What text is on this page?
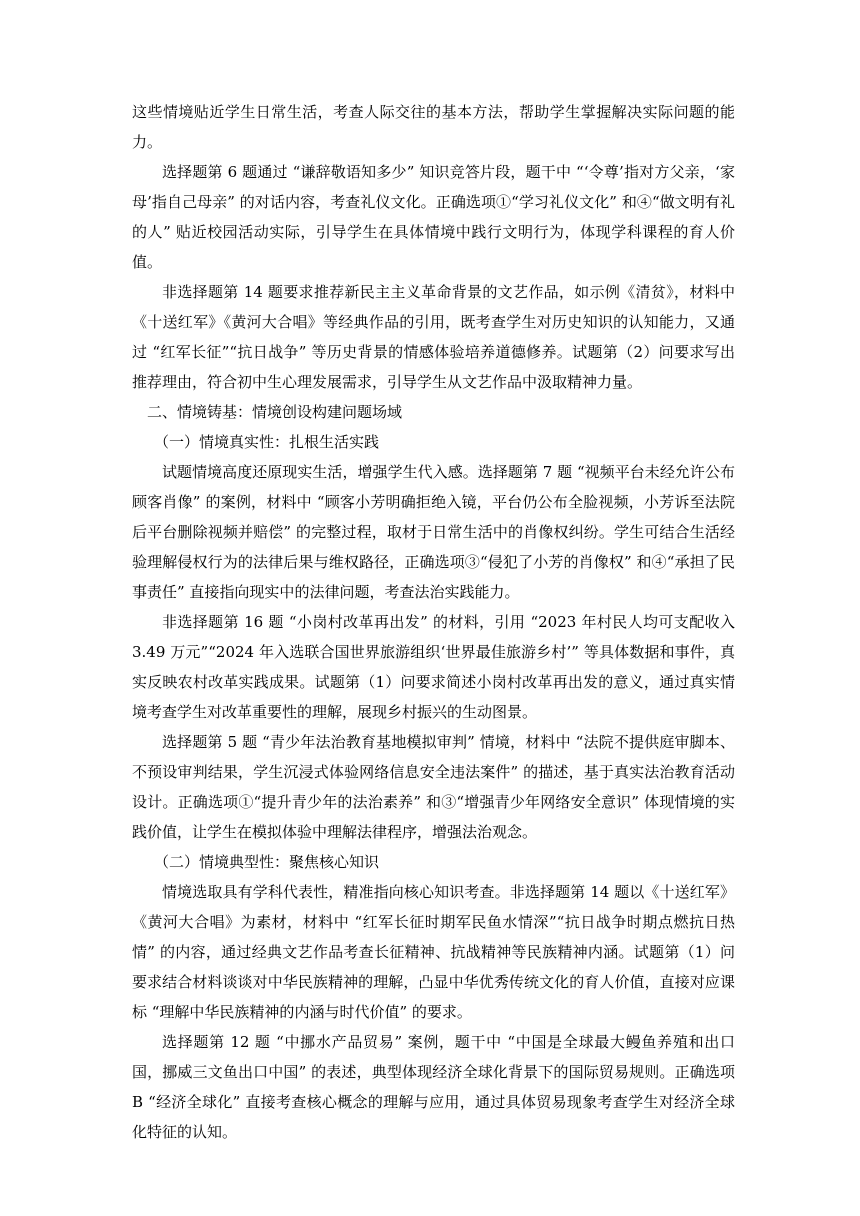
这些情境贴近学生日常生活，考查人际交往的基本方法，帮助学生掌握解决实际问题的能力。

选择题第 6 题通过 “谦辞敬语知多少” 知识竞答片段，题干中 “‘令尊’指对方父亲，‘家母’指自己母亲” 的对话内容，考查礼仪文化。正确选项①“学习礼仪文化” 和④“做文明有礼的人” 贴近校园活动实际，引导学生在具体情境中践行文明行为，体现学科课程的育人价值。

非选择题第 14 题要求推荐新民主主义革命背景的文艺作品，如示例《清贫》，材料中《十送红军》《黄河大合唱》等经典作品的引用，既考查学生对历史知识的认知能力，又通过 “红军长征”“抗日战争” 等历史背景的情感体验培养道德修养。试题第（2）问要求写出推荐理由，符合初中生心理发展需求，引导学生从文艺作品中汲取精神力量。

二、情境铸基：情境创设构建问题场域

（一）情境真实性：扎根生活实践

试题情境高度还原现实生活，增强学生代入感。选择题第 7 题 “视频平台未经允许公布顾客肖像” 的案例，材料中 “顾客小芳明确拒绝入镜，平台仍公布全脸视频，小芳诉至法院后平台删除视频并赔偿” 的完整过程，取材于日常生活中的肖像权纠纷。学生可结合生活经验理解侵权行为的法律后果与维权路径，正确选项③“侵犯了小芳的肖像权” 和④“承担了民事责任” 直接指向现实中的法律问题，考查法治实践能力。

非选择题第 16 题 “小岗村改革再出发” 的材料，引用 “2023 年村民人均可支配收入 3.49 万元”“2024 年入选联合国世界旅游组织‘世界最佳旅游乡村’” 等具体数据和事件，真实反映农村改革实践成果。试题第（1）问要求简述小岗村改革再出发的意义，通过真实情境考查学生对改革重要性的理解，展现乡村振兴的生动图景。

选择题第 5 题 “青少年法治教育基地模拟审判” 情境，材料中 “法院不提供庭审脚本、不预设审判结果，学生沉浸式体验网络信息安全违法案件” 的描述，基于真实法治教育活动设计。正确选项①“提升青少年的法治素养” 和③“增强青少年网络安全意识” 体现情境的实践价值，让学生在模拟体验中理解法律程序，增强法治观念。

（二）情境典型性：聚焦核心知识

情境选取具有学科代表性，精准指向核心知识考查。非选择题第 14 题以《十送红军》《黄河大合唱》为素材，材料中 “红军长征时期军民鱼水情深”“抗日战争时期点燃抗日热情” 的内容，通过经典文艺作品考查长征精神、抗战精神等民族精神内涵。试题第（1）问要求结合材料谈谈对中华民族精神的理解，凸显中华优秀传统文化的育人价值，直接对应课标 “理解中华民族精神的内涵与时代价值” 的要求。

选择题第 12 题 “中挪水产品贸易” 案例，题干中 “中国是全球最大鳗鱼养殖和出口国，挪威三文鱼出口中国” 的表述，典型体现经济全球化背景下的国际贸易规则。正确选项 B “经济全球化” 直接考查核心概念的理解与应用，通过具体贸易现象考查学生对经济全球化特征的认知。
